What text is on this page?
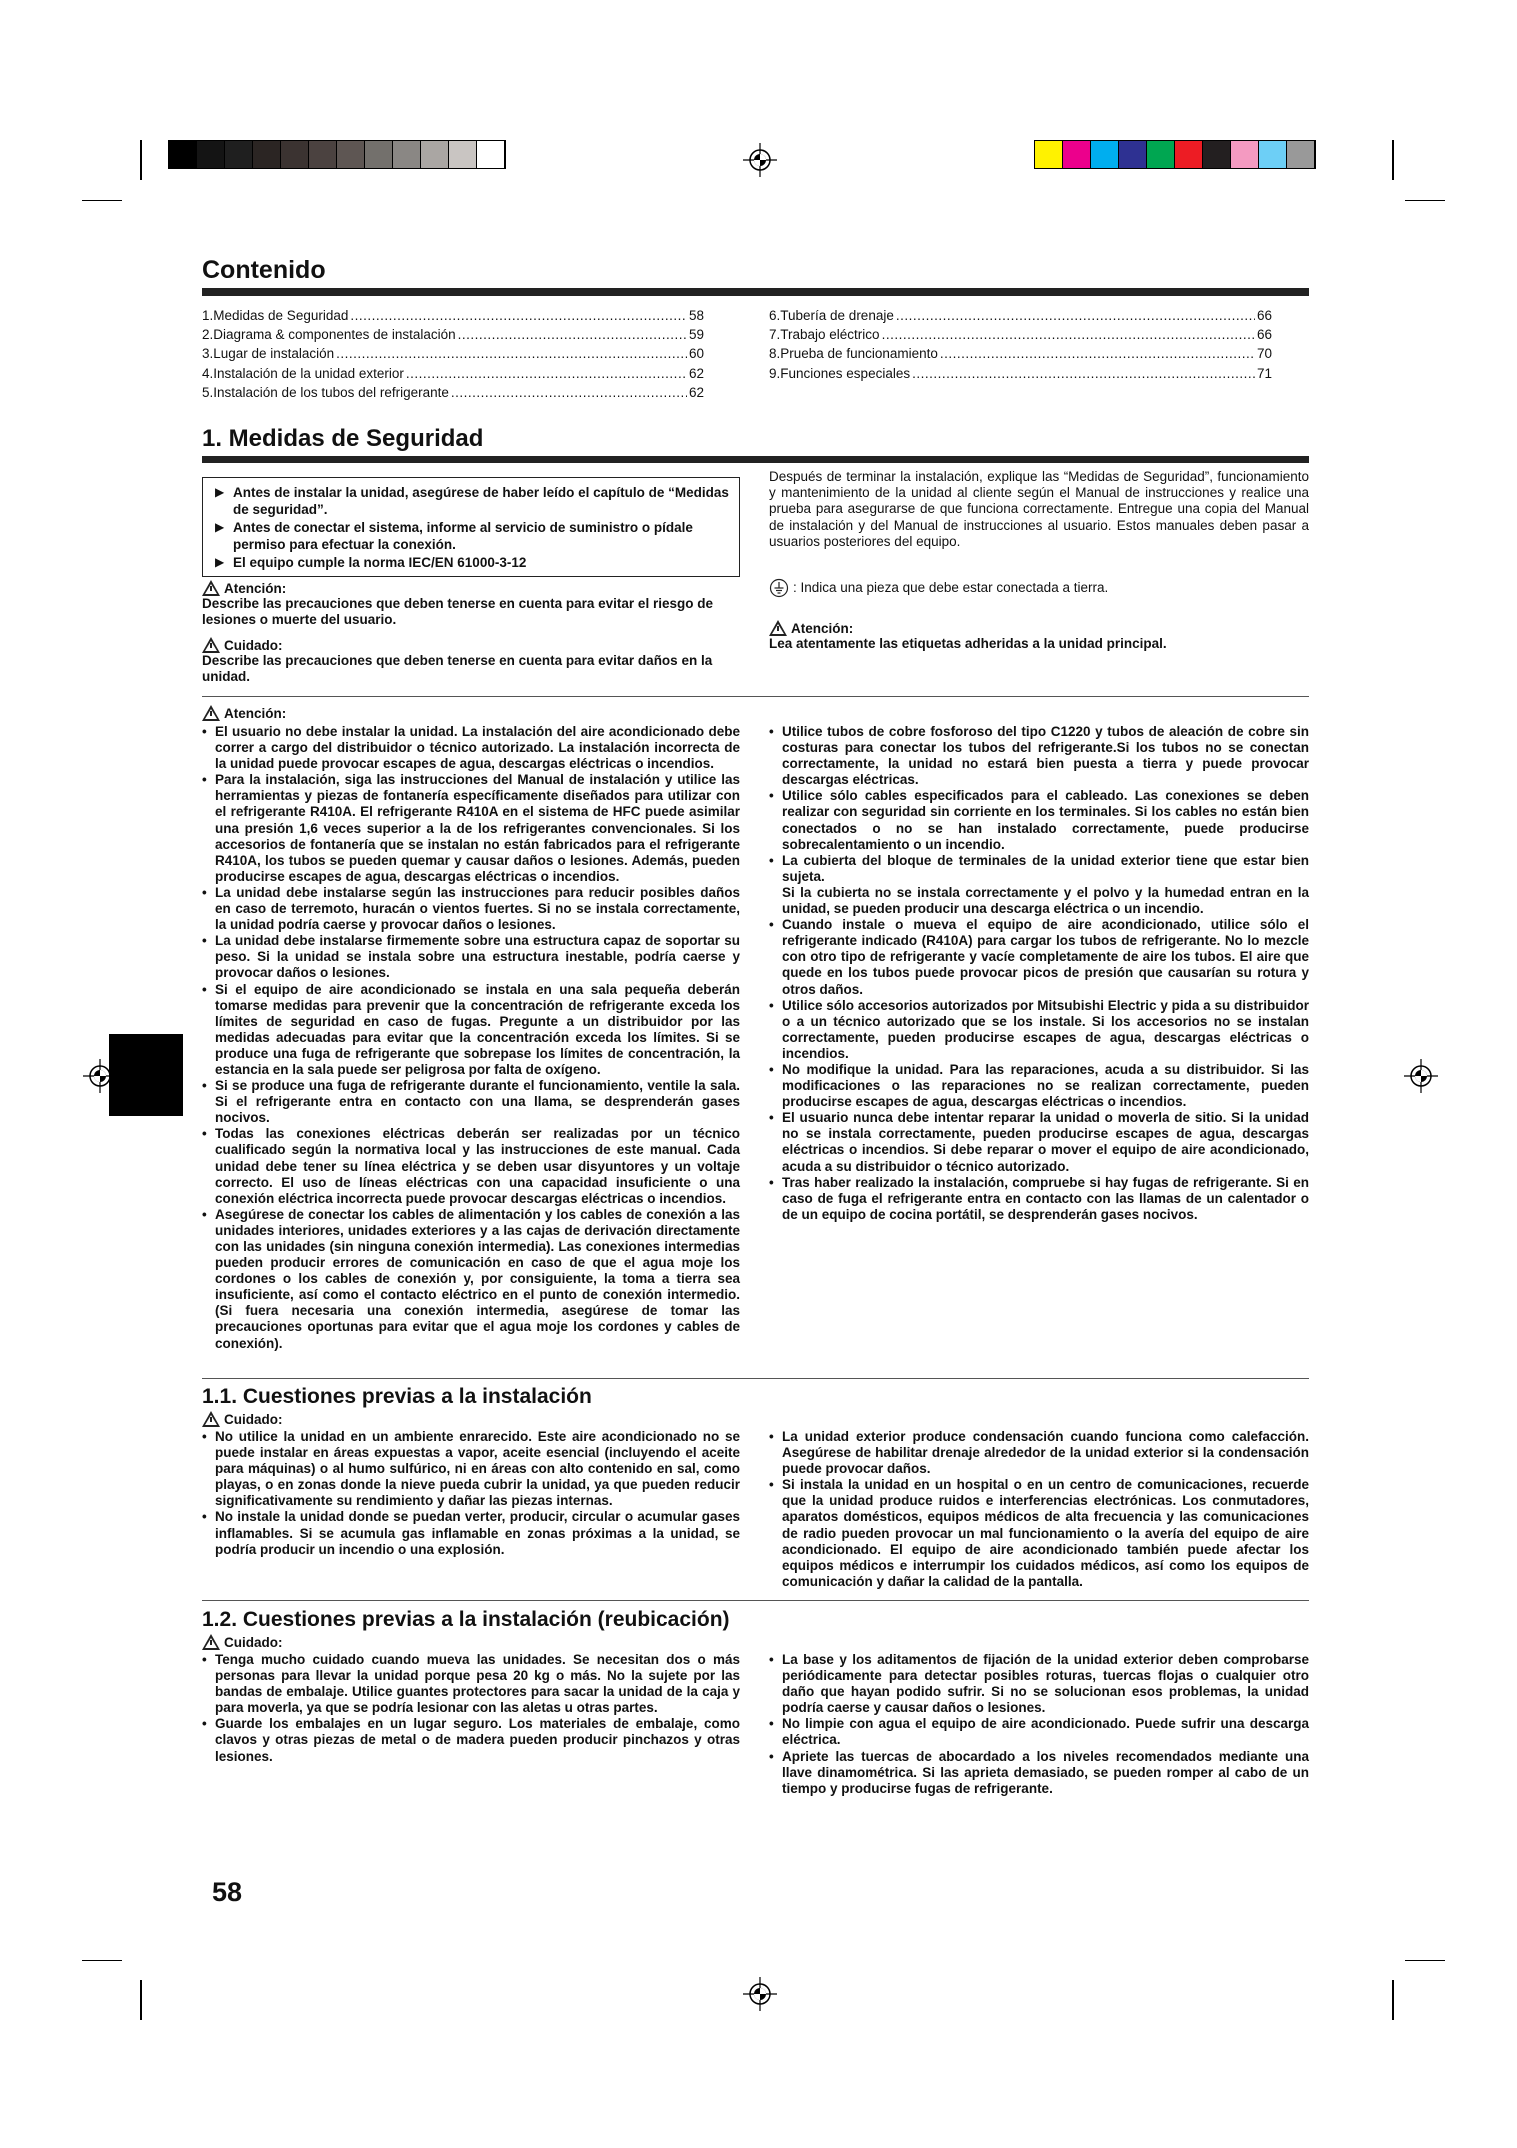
Contenido
1. Medidas de Seguridad .....	58
2. Diagrama & componentes de instalación .....	59
3. Lugar de instalación .....	60
4. Instalación de la unidad exterior .....	62
5. Instalación de los tubos del refrigerante .....	62
6. Tubería de drenaje .....	66
7. Trabajo eléctrico .....	66
8. Prueba de funcionamiento .....	70
9. Funciones especiales .....	71
1. Medidas de Seguridad
▶ Antes de instalar la unidad, asegúrese de haber leído el capítulo de “Medidas de seguridad”.
▶ Antes de conectar el sistema, informe al servicio de suministro o pídale permiso para efectuar la conexión.
▶ El equipo cumple la norma IEC/EN 61000-3-12
Atención:
Describe las precauciones que deben tenerse en cuenta para evitar el riesgo de lesiones o muerte del usuario.
Cuidado:
Describe las precauciones que deben tenerse en cuenta para evitar daños en la unidad.
Después de terminar la instalación, explique las “Medidas de Seguridad”, funcionamiento y mantenimiento de la unidad al cliente según el Manual de instrucciones y realice una prueba para asegurarse de que funciona correctamente. Entregue una copia del Manual de instalación y del Manual de instrucciones al usuario. Estos manuales deben pasar a usuarios posteriores del equipo.
: Indica una pieza que debe estar conectada a tierra.
Atención:
Lea atentamente las etiquetas adheridas a la unidad principal.
Atención:
• El usuario no debe instalar la unidad. La instalación del aire acondicionado debe correr a cargo del distribuidor o técnico autorizado. La instalación incorrecta de la unidad puede provocar escapes de agua, descargas eléctricas o incendios.
• Para la instalación, siga las instrucciones del Manual de instalación y utilice las herramientas y piezas de fontanería específicamente diseñados para utilizar con el refrigerante R410A. El refrigerante R410A en el sistema de HFC puede asimilar una presión 1,6 veces superior a la de los refrigerantes convencionales. Si los accesorios de fontanería que se instalan no están fabricados para el refrigerante R410A, los tubos se pueden quemar y causar daños o lesiones. Además, pueden producirse escapes de agua, descargas eléctricas o incendios.
• La unidad debe instalarse según las instrucciones para reducir posibles daños en caso de terremoto, huracán o vientos fuertes. Si no se instala correctamente, la unidad podría caerse y provocar daños o lesiones.
• La unidad debe instalarse firmemente sobre una estructura capaz de soportar su peso. Si la unidad se instala sobre una estructura inestable, podría caerse y provocar daños o lesiones.
• Si el equipo de aire acondicionado se instala en una sala pequeña deberán tomarse medidas para prevenir que la concentración de refrigerante exceda los límites de seguridad en caso de fugas. Pregunte a un distribuidor por las medidas adecuadas para evitar que la concentración exceda los límites. Si se produce una fuga de refrigerante que sobrepase los límites de concentración, la estancia en la sala puede ser peligrosa por falta de oxígeno.
• Si se produce una fuga de refrigerante durante el funcionamiento, ventile la sala. Si el refrigerante entra en contacto con una llama, se desprenderán gases nocivos.
• Todas las conexiones eléctricas deberán ser realizadas por un técnico cualificado según la normativa local y las instrucciones de este manual. Cada unidad debe tener su línea eléctrica y se deben usar disyuntores y un voltaje correcto. El uso de líneas eléctricas con una capacidad insuficiente o una conexión eléctrica incorrecta puede provocar descargas eléctricas o incendios.
• Asegúrese de conectar los cables de alimentación y los cables de conexión a las unidades interiores, unidades exteriores y a las cajas de derivación directamente con las unidades (sin ninguna conexión intermedia). Las conexiones intermedias pueden producir errores de comunicación en caso de que el agua moje los cordones o los cables de conexión y, por consiguiente, la toma a tierra sea insuficiente, así como el contacto eléctrico en el punto de conexión intermedio. (Si fuera necesaria una conexión intermedia, asegúrese de tomar las precauciones oportunas para evitar que el agua moje los cordones y cables de conexión).
• Utilice tubos de cobre fosforoso del tipo C1220 y tubos de aleación de cobre sin costuras para conectar los tubos del refrigerante.Si los tubos no se conectan correctamente, la unidad no estará bien puesta a tierra y puede provocar descargas eléctricas.
• Utilice sólo cables especificados para el cableado. Las conexiones se deben realizar con seguridad sin corriente en los terminales. Si los cables no están bien conectados o no se han instalado correctamente, puede producirse sobrecalentamiento o un incendio.
• La cubierta del bloque de terminales de la unidad exterior tiene que estar bien sujeta.
Si la cubierta no se instala correctamente y el polvo y la humedad entran en la unidad, se pueden producir una descarga eléctrica o un incendio.
• Cuando instale o mueva el equipo de aire acondicionado, utilice sólo el refrigerante indicado (R410A) para cargar los tubos de refrigerante. No lo mezcle con otro tipo de refrigerante y vacíe completamente de aire los tubos. El aire que quede en los tubos puede provocar picos de presión que causarían su rotura y otros daños.
• Utilice sólo accesorios autorizados por Mitsubishi Electric y pida a su distribuidor o a un técnico autorizado que se los instale. Si los accesorios no se instalan correctamente, pueden producirse escapes de agua, descargas eléctricas o incendios.
• No modifique la unidad. Para las reparaciones, acuda a su distribuidor. Si las modificaciones o las reparaciones no se realizan correctamente, pueden producirse escapes de agua, descargas eléctricas o incendios.
• El usuario nunca debe intentar reparar la unidad o moverla de sitio. Si la unidad no se instala correctamente, pueden producirse escapes de agua, descargas eléctricas o incendios. Si debe reparar o mover el equipo de aire acondicionado, acuda a su distribuidor o técnico autorizado.
• Tras haber realizado la instalación, compruebe si hay fugas de refrigerante. Si en caso de fuga el refrigerante entra en contacto con las llamas de un calentador o de un equipo de cocina portátil, se desprenderán gases nocivos.
1.1. Cuestiones previas a la instalación
Cuidado:
• No utilice la unidad en un ambiente enrarecido. Este aire acondicionado no se puede instalar en áreas expuestas a vapor, aceite esencial (incluyendo el aceite para máquinas) o al humo sulfúrico, ni en áreas con alto contenido en sal, como playas, o en zonas donde la nieve pueda cubrir la unidad, ya que pueden reducir significativamente su rendimiento y dañar las piezas internas.
• No instale la unidad donde se puedan verter, producir, circular o acumular gases inflamables. Si se acumula gas inflamable en zonas próximas a la unidad, se podría producir un incendio o una explosión.
• La unidad exterior produce condensación cuando funciona como calefacción. Asegúrese de habilitar drenaje alrededor de la unidad exterior si la condensación puede provocar daños.
• Si instala la unidad en un hospital o en un centro de comunicaciones, recuerde que la unidad produce ruidos e interferencias electrónicas. Los conmutadores, aparatos domésticos, equipos médicos de alta frecuencia y las comunicaciones de radio pueden provocar un mal funcionamiento o la avería del equipo de aire acondicionado. El equipo de aire acondicionado también puede afectar los equipos médicos e interrumpir los cuidados médicos, así como los equipos de comunicación y dañar la calidad de la pantalla.
1.2. Cuestiones previas a la instalación (reubicación)
Cuidado:
• Tenga mucho cuidado cuando mueva las unidades. Se necesitan dos o más personas para llevar la unidad porque pesa 20 kg o más. No la sujete por las bandas de embalaje. Utilice guantes protectores para sacar la unidad de la caja y para moverla, ya que se podría lesionar con las aletas u otras partes.
• Guarde los embalajes en un lugar seguro. Los materiales de embalaje, como clavos y otras piezas de metal o de madera pueden producir pinchazos y otras lesiones.
• La base y los aditamentos de fijación de la unidad exterior deben comprobarse periódicamente para detectar posibles roturas, tuercas flojas o cualquier otro daño que hayan podido sufrir. Si no se solucionan esos problemas, la unidad podría caerse y causar daños o lesiones.
• No limpie con agua el equipo de aire acondicionado. Puede sufrir una descarga eléctrica.
• Apriete las tuercas de abocardado a los niveles recomendados mediante una llave dinamométrica. Si las aprieta demasiado, se pueden romper al cabo de un tiempo y producirse fugas de refrigerante.
58
